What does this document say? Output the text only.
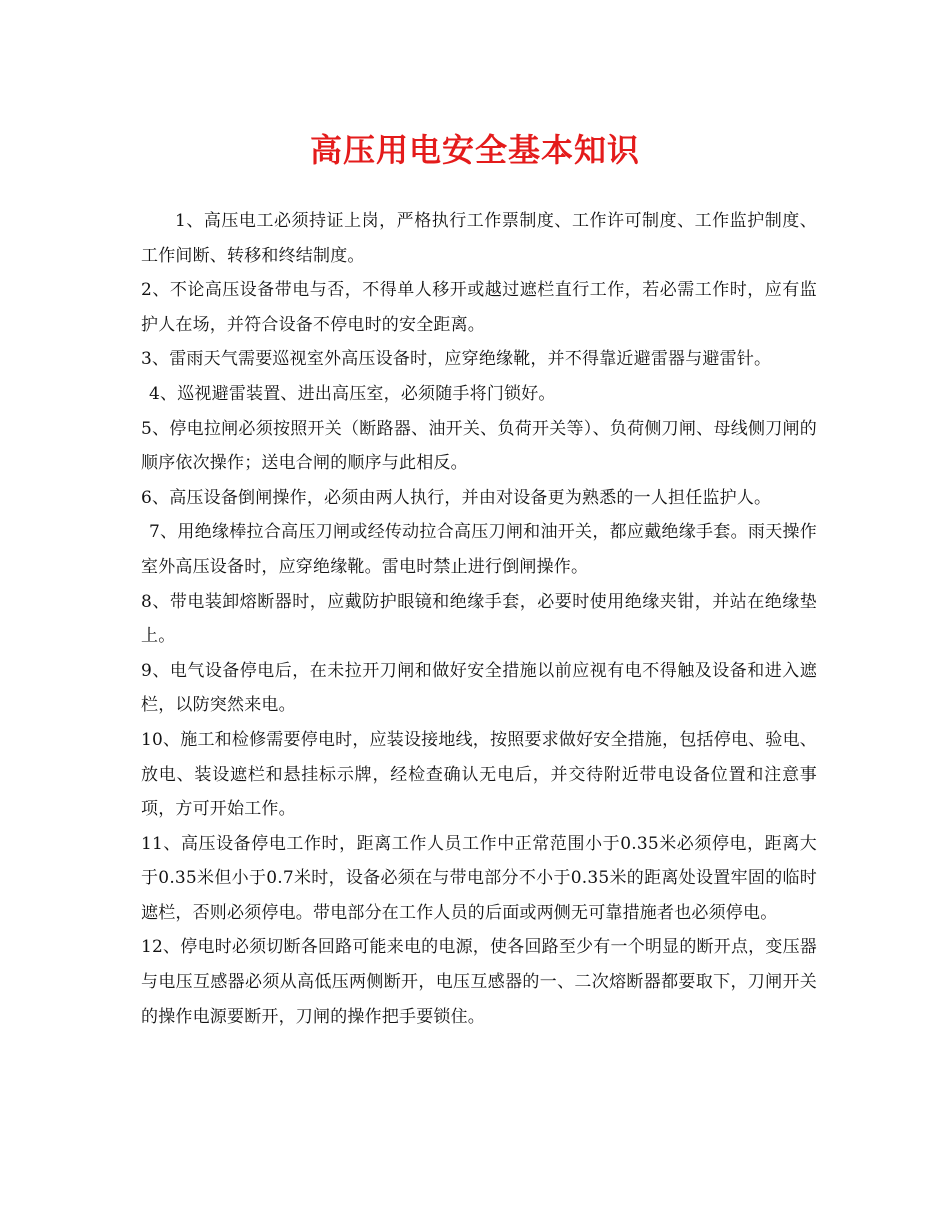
高压用电安全基本知识

1、高压电工必须持证上岗，严格执行工作票制度、工作许可制度、工作监护制度、工作间断、转移和终结制度。

2、不论高压设备带电与否，不得单人移开或越过遮栏直行工作，若必需工作时，应有监护人在场，并符合设备不停电时的安全距离。

3、雷雨天气需要巡视室外高压设备时，应穿绝缘靴，并不得靠近避雷器与避雷针。

4、巡视避雷装置、进出高压室，必须随手将门锁好。

5、停电拉闸必须按照开关（断路器、油开关、负荷开关等）、负荷侧刀闸、母线侧刀闸的顺序依次操作；送电合闸的顺序与此相反。

6、高压设备倒闸操作，必须由两人执行，并由对设备更为熟悉的一人担任监护人。

7、用绝缘棒拉合高压刀闸或经传动拉合高压刀闸和油开关，都应戴绝缘手套。雨天操作室外高压设备时，应穿绝缘靴。雷电时禁止进行倒闸操作。

8、带电装卸熔断器时，应戴防护眼镜和绝缘手套，必要时使用绝缘夹钳，并站在绝缘垫上。

9、电气设备停电后，在未拉开刀闸和做好安全措施以前应视有电不得触及设备和进入遮栏，以防突然来电。

10、施工和检修需要停电时，应装设接地线，按照要求做好安全措施，包括停电、验电、放电、装设遮栏和悬挂标示牌，经检查确认无电后，并交待附近带电设备位置和注意事项，方可开始工作。

11、高压设备停电工作时，距离工作人员工作中正常范围小于0.35米必须停电，距离大于0.35米但小于0.7米时，设备必须在与带电部分不小于0.35米的距离处设置牢固的临时遮栏，否则必须停电。带电部分在工作人员的后面或两侧无可靠措施者也必须停电。

12、停电时必须切断各回路可能来电的电源，使各回路至少有一个明显的断开点，变压器与电压互感器必须从高低压两侧断开，电压互感器的一、二次熔断器都要取下，刀闸开关的操作电源要断开，刀闸的操作把手要锁住。
